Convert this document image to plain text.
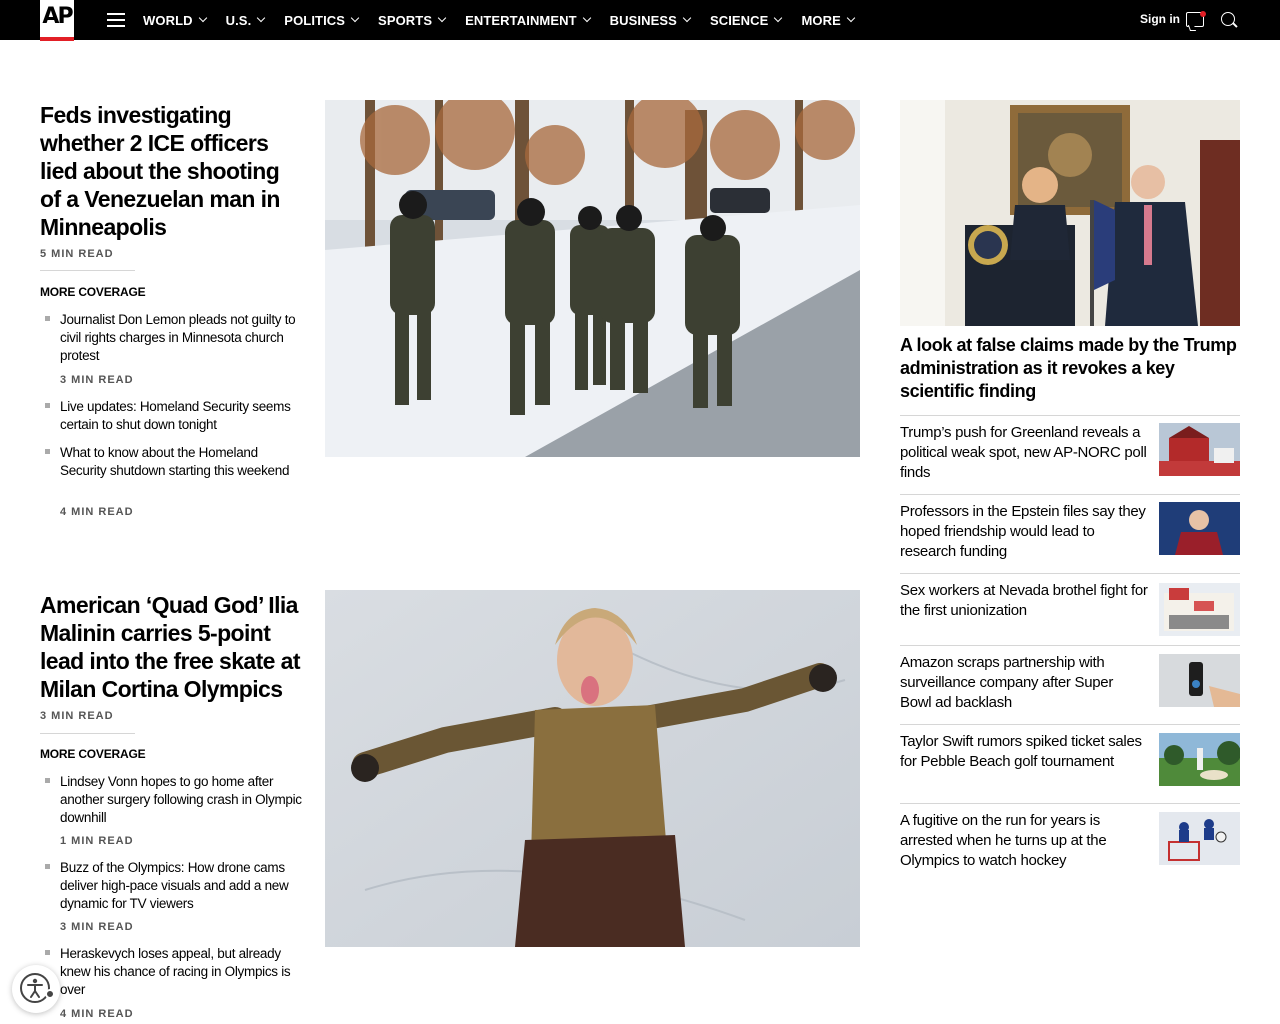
AP	WORLD	U.S.	POLITICS	SPORTS	ENTERTAINMENT	BUSINESS	SCIENCE	MORE	Sign in
Feds investigating whether 2 ICE officers lied about the shooting of a Venezuelan man in Minneapolis
5 MIN READ
MORE COVERAGE
Journalist Don Lemon pleads not guilty to civil rights charges in Minnesota church protest
3 MIN READ
Live updates: Homeland Security seems certain to shut down tonight
What to know about the Homeland Security shutdown starting this weekend
4 MIN READ
American ‘Quad God’ Ilia Malinin carries 5-point lead into the free skate at Milan Cortina Olympics
3 MIN READ
MORE COVERAGE
Lindsey Vonn hopes to go home after another surgery following crash in Olympic downhill
1 MIN READ
Buzz of the Olympics: How drone cams deliver high-pace visuals and add a new dynamic for TV viewers
3 MIN READ
Heraskevych loses appeal, but already knew his chance of racing in Olympics is over
4 MIN READ
A look at false claims made by the Trump administration as it revokes a key scientific finding
Trump’s push for Greenland reveals a political weak spot, new AP-NORC poll finds
Professors in the Epstein files say they hoped friendship would lead to research funding
Sex workers at Nevada brothel fight for the first unionization
Amazon scraps partnership with surveillance company after Super Bowl ad backlash
Taylor Swift rumors spiked ticket sales for Pebble Beach golf tournament
A fugitive on the run for years is arrested when he turns up at the Olympics to watch hockey
